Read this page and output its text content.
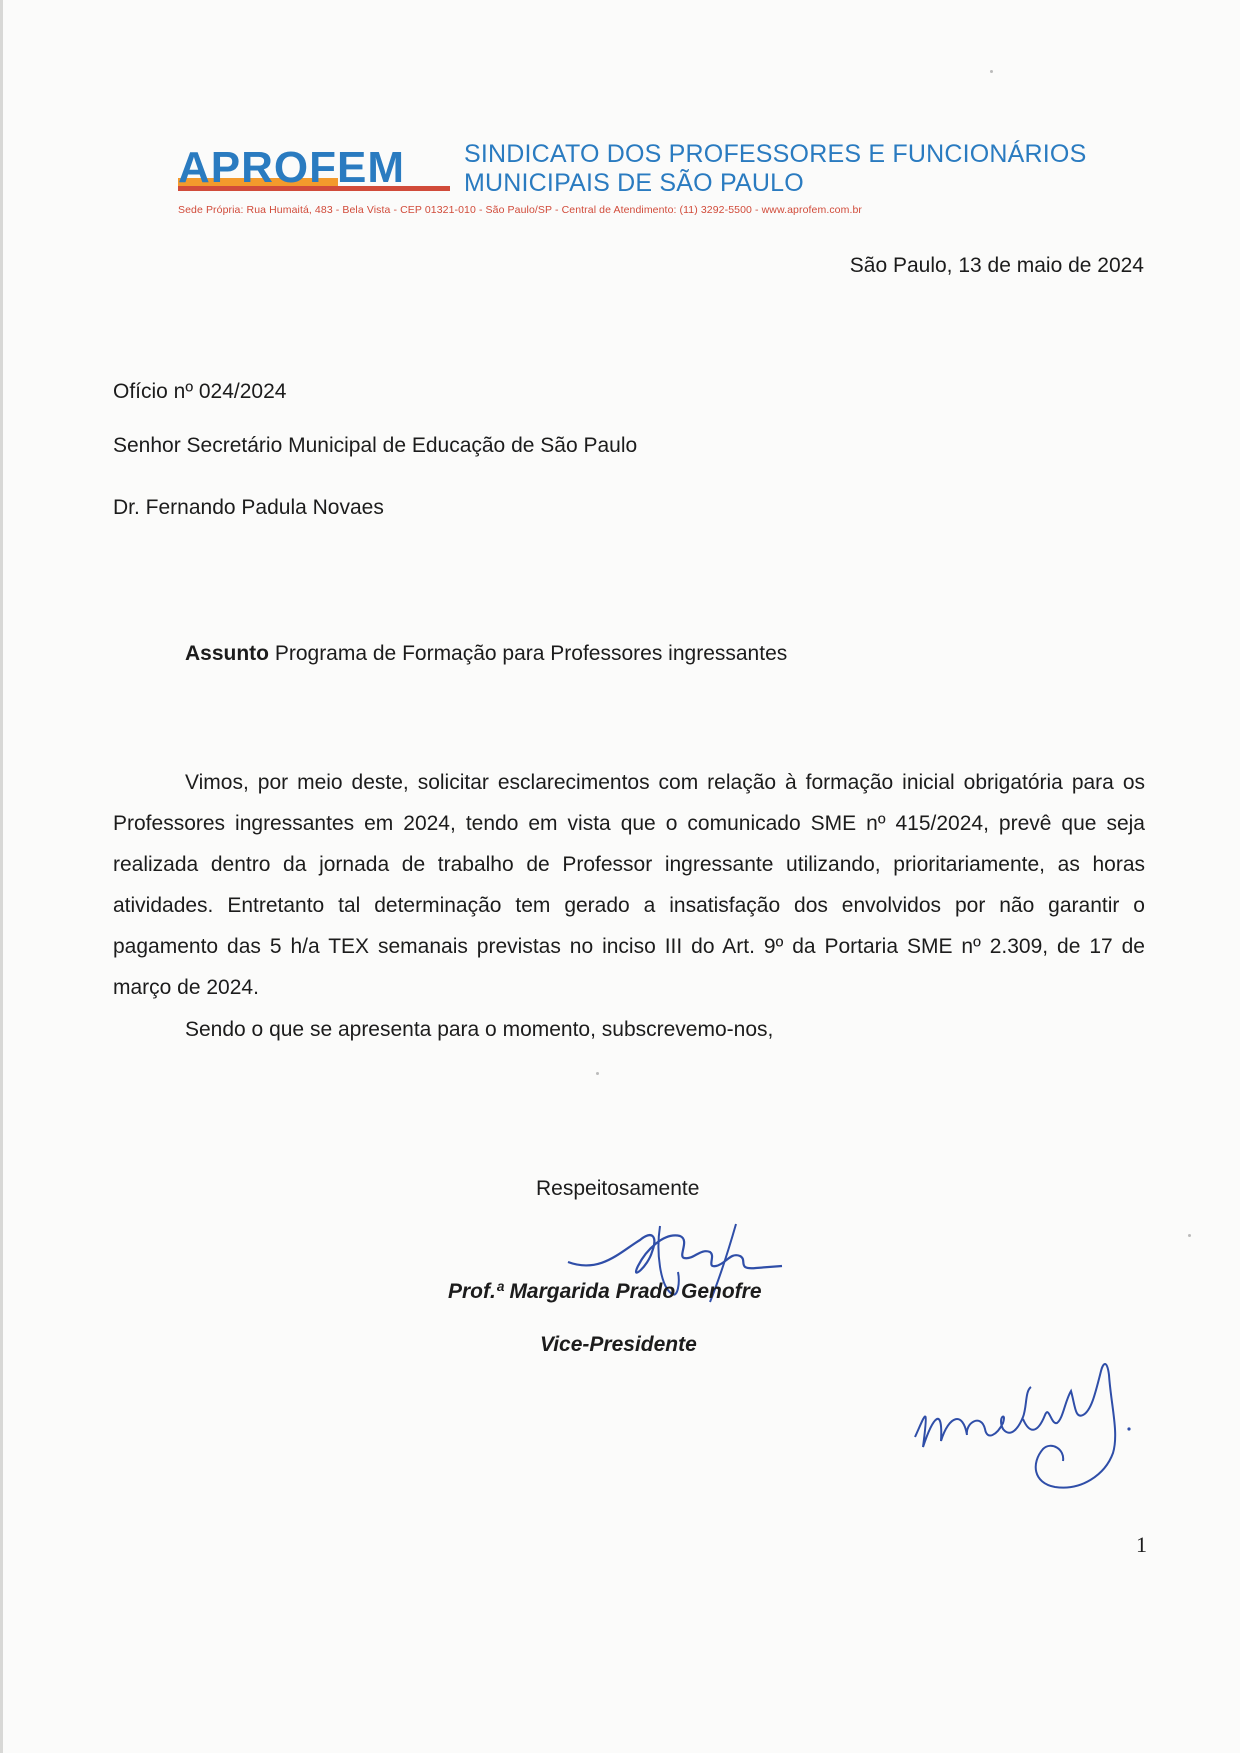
APROFEM SINDICATO DOS PROFESSORES E FUNCIONÁRIOS
MUNICIPAIS DE SÃO PAULO
Sede Própria: Rua Humaitá, 483 - Bela Vista - CEP 01321-010 - São Paulo/SP - Central de Atendimento: (11) 3292-5500 - www.aprofem.com.br
São Paulo, 13 de maio de 2024
Ofício nº 024/2024
Senhor Secretário Municipal de Educação de São Paulo
Dr. Fernando Padula Novaes
Assunto Programa de Formação para Professores ingressantes

Vimos, por meio deste, solicitar esclarecimentos com relação à formação inicial obrigatória para os Professores ingressantes em 2024, tendo em vista que o comunicado SME nº 415/2024, prevê que seja realizada dentro da jornada de trabalho de Professor ingressante utilizando, prioritariamente, as horas atividades. Entretanto tal determinação tem gerado a insatisfação dos envolvidos por não garantir o pagamento das 5 h/a TEX semanais previstas no inciso III do Art. 9º da Portaria SME nº 2.309, de 17 de março de 2024.

Sendo o que se apresenta para o momento, subscrevemo-nos,
Respeitosamente
Prof.ª Margarida Prado Genofre
Vice-Presidente
1
